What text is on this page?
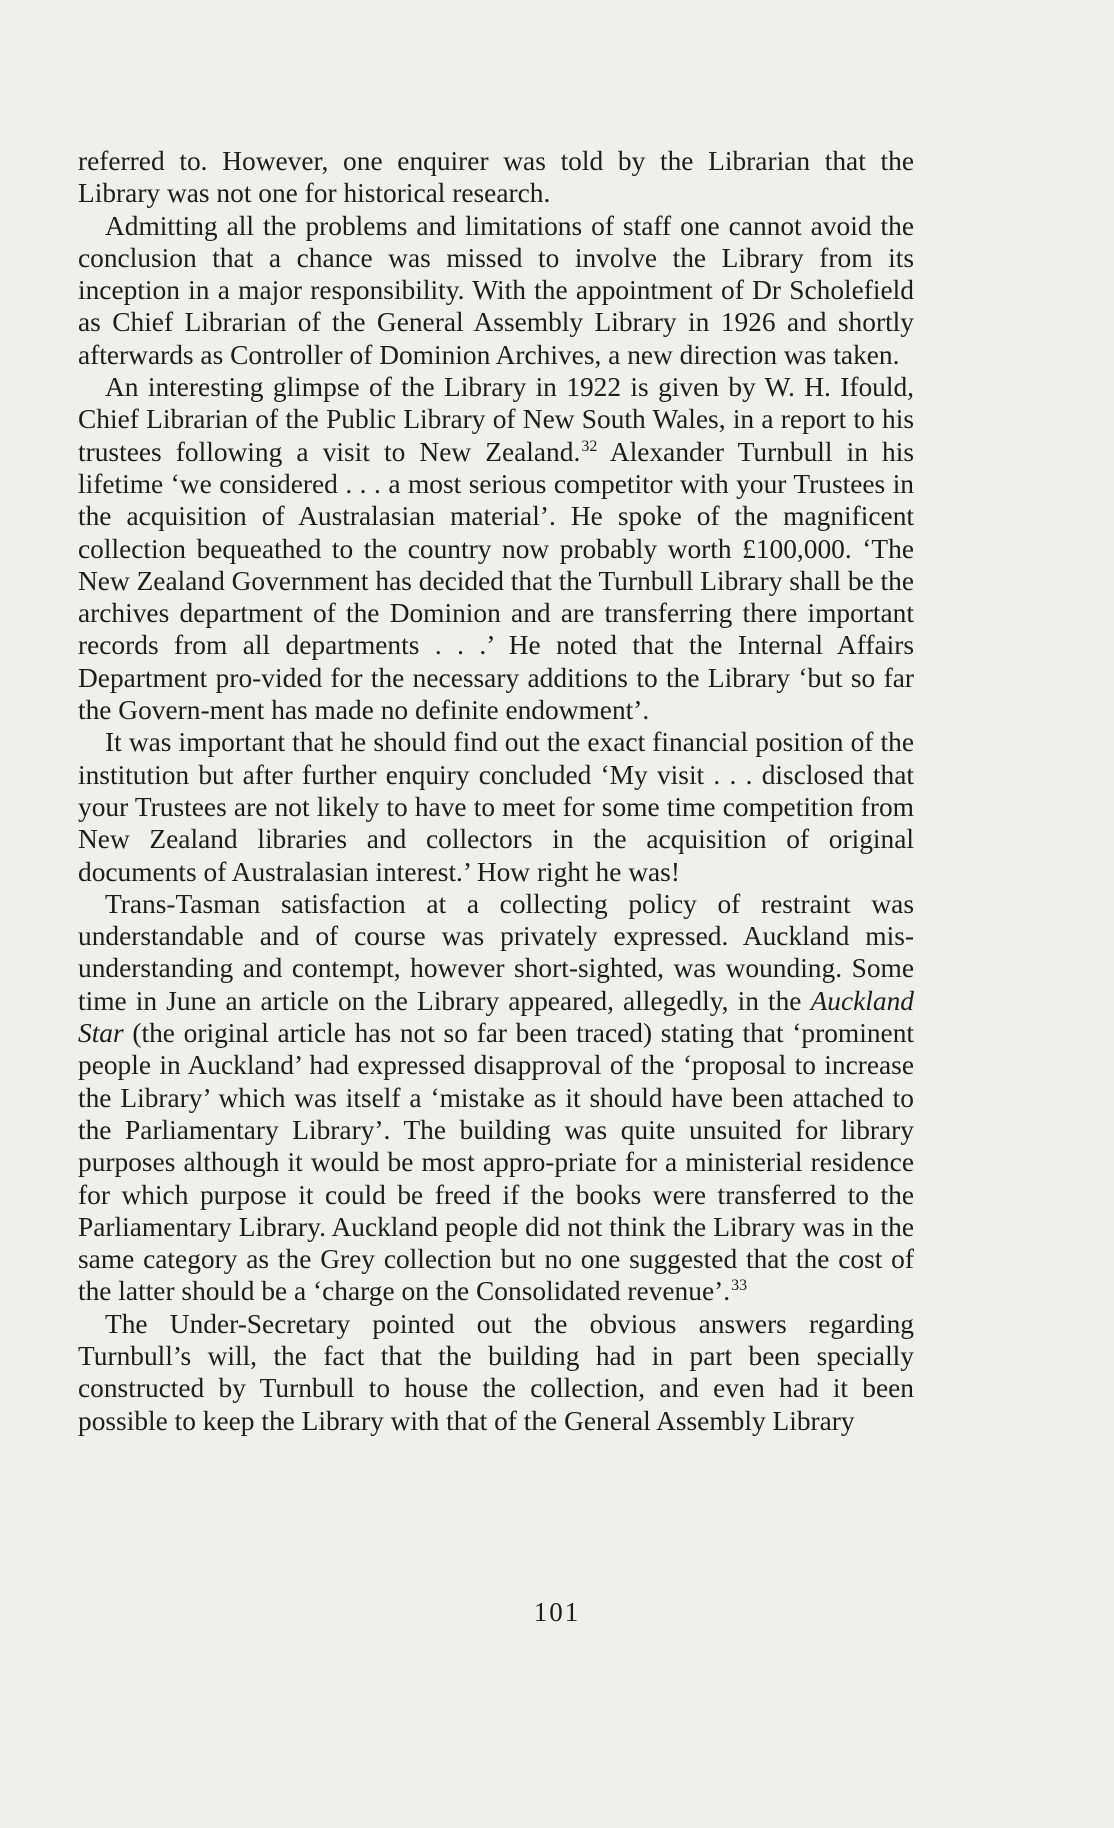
referred to. However, one enquirer was told by the Librarian that the Library was not one for historical research.

Admitting all the problems and limitations of staff one cannot avoid the conclusion that a chance was missed to involve the Library from its inception in a major responsibility. With the appointment of Dr Scholefield as Chief Librarian of the General Assembly Library in 1926 and shortly afterwards as Controller of Dominion Archives, a new direction was taken.

An interesting glimpse of the Library in 1922 is given by W. H. Ifould, Chief Librarian of the Public Library of New South Wales, in a report to his trustees following a visit to New Zealand.$^{32}$ Alexander Turnbull in his lifetime ‘we considered . . . a most serious competitor with your Trustees in the acquisition of Australasian material’. He spoke of the magnificent collection bequeathed to the country now probably worth £100,000. ‘The New Zealand Government has decided that the Turnbull Library shall be the archives department of the Dominion and are transferring there important records from all departments . . .’ He noted that the Internal Affairs Department pro-vided for the necessary additions to the Library ‘but so far the Govern-ment has made no definite endowment’.

It was important that he should find out the exact financial position of the institution but after further enquiry concluded ‘My visit . . . disclosed that your Trustees are not likely to have to meet for some time competition from New Zealand libraries and collectors in the acquisition of original documents of Australasian interest.’ How right he was!

Trans-Tasman satisfaction at a collecting policy of restraint was understandable and of course was privately expressed. Auckland mis-understanding and contempt, however short-sighted, was wounding. Some time in June an article on the Library appeared, allegedly, in the Auckland Star (the original article has not so far been traced) stating that ‘prominent people in Auckland’ had expressed disapproval of the ‘proposal to increase the Library’ which was itself a ‘mistake as it should have been attached to the Parliamentary Library’. The building was quite unsuited for library purposes although it would be most appro-priate for a ministerial residence for which purpose it could be freed if the books were transferred to the Parliamentary Library. Auckland people did not think the Library was in the same category as the Grey collection but no one suggested that the cost of the latter should be a ‘charge on the Consolidated revenue’.$^{33}$

The Under-Secretary pointed out the obvious answers regarding Turnbull’s will, the fact that the building had in part been specially constructed by Turnbull to house the collection, and even had it been possible to keep the Library with that of the General Assembly Library

101
